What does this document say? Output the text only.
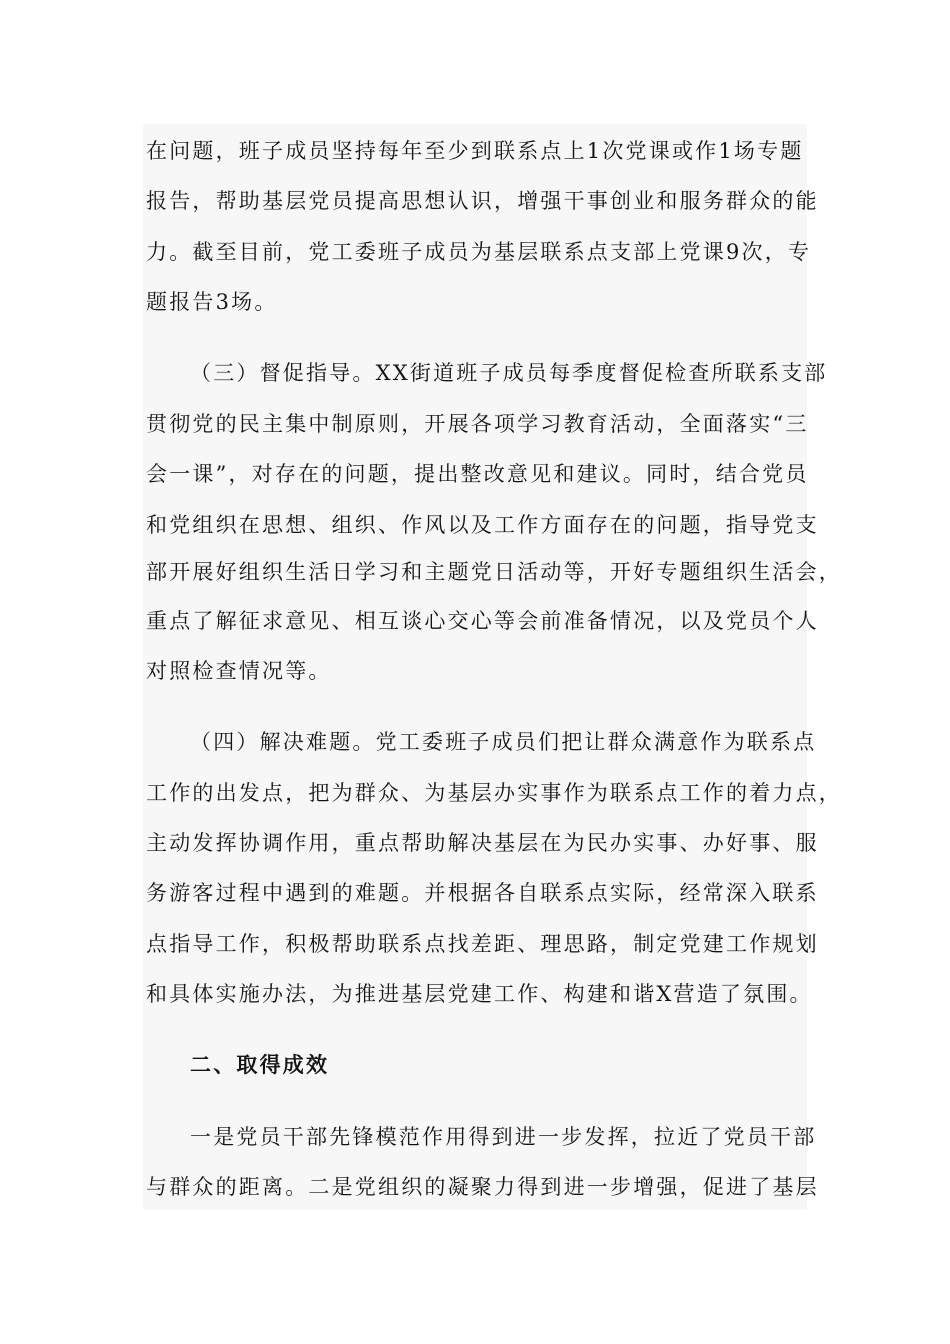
在问题，班子成员坚持每年至少到联系点上1次党课或作1场专题
报告，帮助基层党员提高思想认识，增强干事创业和服务群众的能
力。截至目前，党工委班子成员为基层联系点支部上党课9次，专
题报告3场。
（三）督促指导。XX街道班子成员每季度督促检查所联系支部
贯彻党的民主集中制原则，开展各项学习教育活动，全面落实“三
会一课”，对存在的问题，提出整改意见和建议。同时，结合党员
和党组织在思想、组织、作风以及工作方面存在的问题，指导党支
部开展好组织生活日学习和主题党日活动等，开好专题组织生活会，
重点了解征求意见、相互谈心交心等会前准备情况，以及党员个人
对照检查情况等。
（四）解决难题。党工委班子成员们把让群众满意作为联系点
工作的出发点，把为群众、为基层办实事作为联系点工作的着力点，
主动发挥协调作用，重点帮助解决基层在为民办实事、办好事、服
务游客过程中遇到的难题。并根据各自联系点实际，经常深入联系
点指导工作，积极帮助联系点找差距、理思路，制定党建工作规划
和具体实施办法，为推进基层党建工作、构建和谐X营造了氛围。
二、取得成效
一是党员干部先锋模范作用得到进一步发挥，拉近了党员干部
与群众的距离。二是党组织的凝聚力得到进一步增强，促进了基层
